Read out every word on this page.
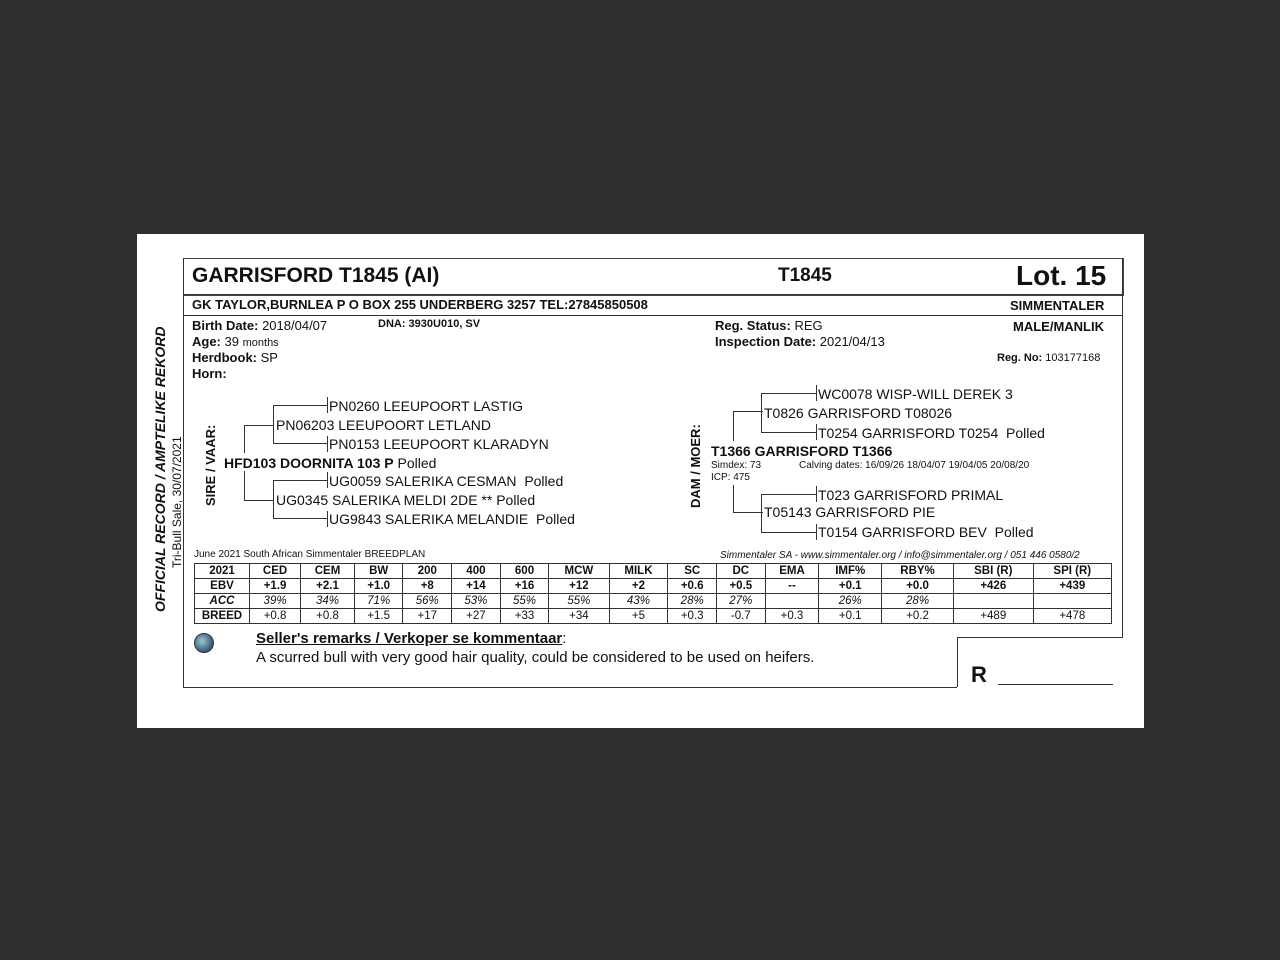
OFFICIAL RECORD / AMPTELIKE REKORD Tri-Bull Sale, 30/07/2021
GARRISFORD T1845 (AI)	T1845	Lot. 15
GK TAYLOR,BURNLEA P O BOX 255 UNDERBERG 3257 TEL:27845850508	SIMMENTALER
Birth Date: 2018/04/07	DNA: 3930U010, SV
Age: 39 months
Herdbook: SP
Horn:
Reg. Status: REG
Inspection Date: 2021/04/13
MALE/MANLIK
Reg. No: 103177168
SIRE / VAAR: HFD103 DOORNITA 103 P Polled
PN06203 LEEUPOORT LETLAND
PN0260 LEEUPOORT LASTIG
PN0153 LEEUPOORT KLARADYN
UG0345 SALERIKA MELDI 2DE ** Polled
UG0059 SALERIKA CESMAN Polled
UG9843 SALERIKA MELANDIE Polled
DAM / MOER: T1366 GARRISFORD T1366
Simdex: 73
ICP: 475
Calving dates: 16/09/26 18/04/07 19/04/05 20/08/20
T0826 GARRISFORD T08026
WC0078 WISP-WILL DEREK 3
T0254 GARRISFORD T0254 Polled
T05143 GARRISFORD PIE
T023 GARRISFORD PRIMAL
T0154 GARRISFORD BEV Polled
June 2021 South African Simmentaler BREEDPLAN	Simmentaler SA - www.simmentaler.org / info@simmentaler.org / 051 446 0580/2
2021	CED	CEM	BW	200	400	600	MCW	MILK	SC	DC	EMA	IMF%	RBY%	SBI (R)	SPI (R)
EBV	+1.9	+2.1	+1.0	+8	+14	+16	+12	+2	+0.6	+0.5	--	+0.1	+0.0	+426	+439
ACC	39%	34%	71%	56%	53%	55%	55%	43%	28%	27%		26%	28%		
BREED	+0.8	+0.8	+1.5	+17	+27	+33	+34	+5	+0.3	-0.7	+0.3	+0.1	+0.2	+489	+478
Seller's remarks / Verkoper se kommentaar:
A scurred bull with very good hair quality, could be considered to be used on heifers.
R
